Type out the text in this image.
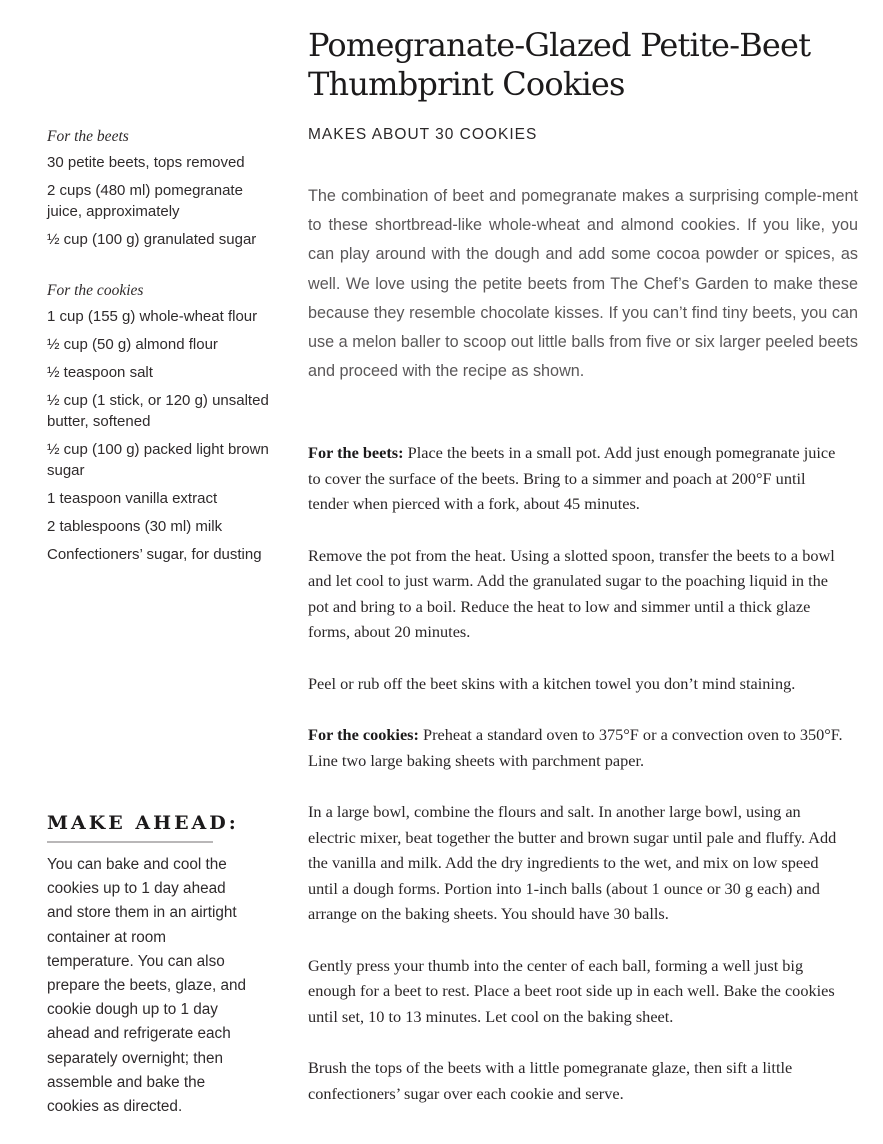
For the beets

30 petite beets, tops removed

2 cups (480 ml) pomegranate juice, approximately

½ cup (100 g) granulated sugar

For the cookies

1 cup (155 g) whole-wheat flour

½ cup (50 g) almond flour

½ teaspoon salt

½ cup (1 stick, or 120 g) unsalted butter, softened

½ cup (100 g) packed light brown sugar

1 teaspoon vanilla extract

2 tablespoons (30 ml) milk

Confectioners’ sugar, for dusting

MAKE AHEAD:

You can bake and cool the cookies up to 1 day ahead and store them in an airtight container at room temperature. You can also prepare the beets, glaze, and cookie dough up to 1 day ahead and refrigerate each separately overnight; then assemble and bake the cookies as directed.

Pomegranate-Glazed Petite-Beet
Thumbprint Cookies
MAKES ABOUT 30 COOKIES

The combination of beet and pomegranate makes a surprising comple-ment to these shortbread-like whole-wheat and almond cookies. If you like, you can play around with the dough and add some cocoa powder or spices, as well. We love using the petite beets from The Chef’s Garden to make these because they resemble chocolate kisses. If you can’t find tiny beets, you can use a melon baller to scoop out little balls from five or six larger peeled beets and proceed with the recipe as shown.

For the beets: Place the beets in a small pot. Add just enough pomegranate juice to cover the surface of the beets. Bring to a simmer and poach at 200°F until tender when pierced with a fork, about 45 minutes.

Remove the pot from the heat. Using a slotted spoon, transfer the beets to a bowl and let cool to just warm. Add the granulated sugar to the poaching liquid in the pot and bring to a boil. Reduce the heat to low and simmer until a thick glaze forms, about 20 minutes.

Peel or rub off the beet skins with a kitchen towel you don’t mind staining.

For the cookies: Preheat a standard oven to 375°F or a convection oven to 350°F. Line two large baking sheets with parchment paper.

In a large bowl, combine the flours and salt. In another large bowl, using an electric mixer, beat together the butter and brown sugar until pale and fluffy. Add the vanilla and milk. Add the dry ingredients to the wet, and mix on low speed until a dough forms. Portion into 1-inch balls (about 1 ounce or 30 g each) and arrange on the baking sheets. You should have 30 balls.

Gently press your thumb into the center of each ball, forming a well just big enough for a beet to rest. Place a beet root side up in each well. Bake the cookies until set, 10 to 13 minutes. Let cool on the baking sheet.

Brush the tops of the beets with a little pomegranate glaze, then sift a little confectioners’ sugar over each cookie and serve.
